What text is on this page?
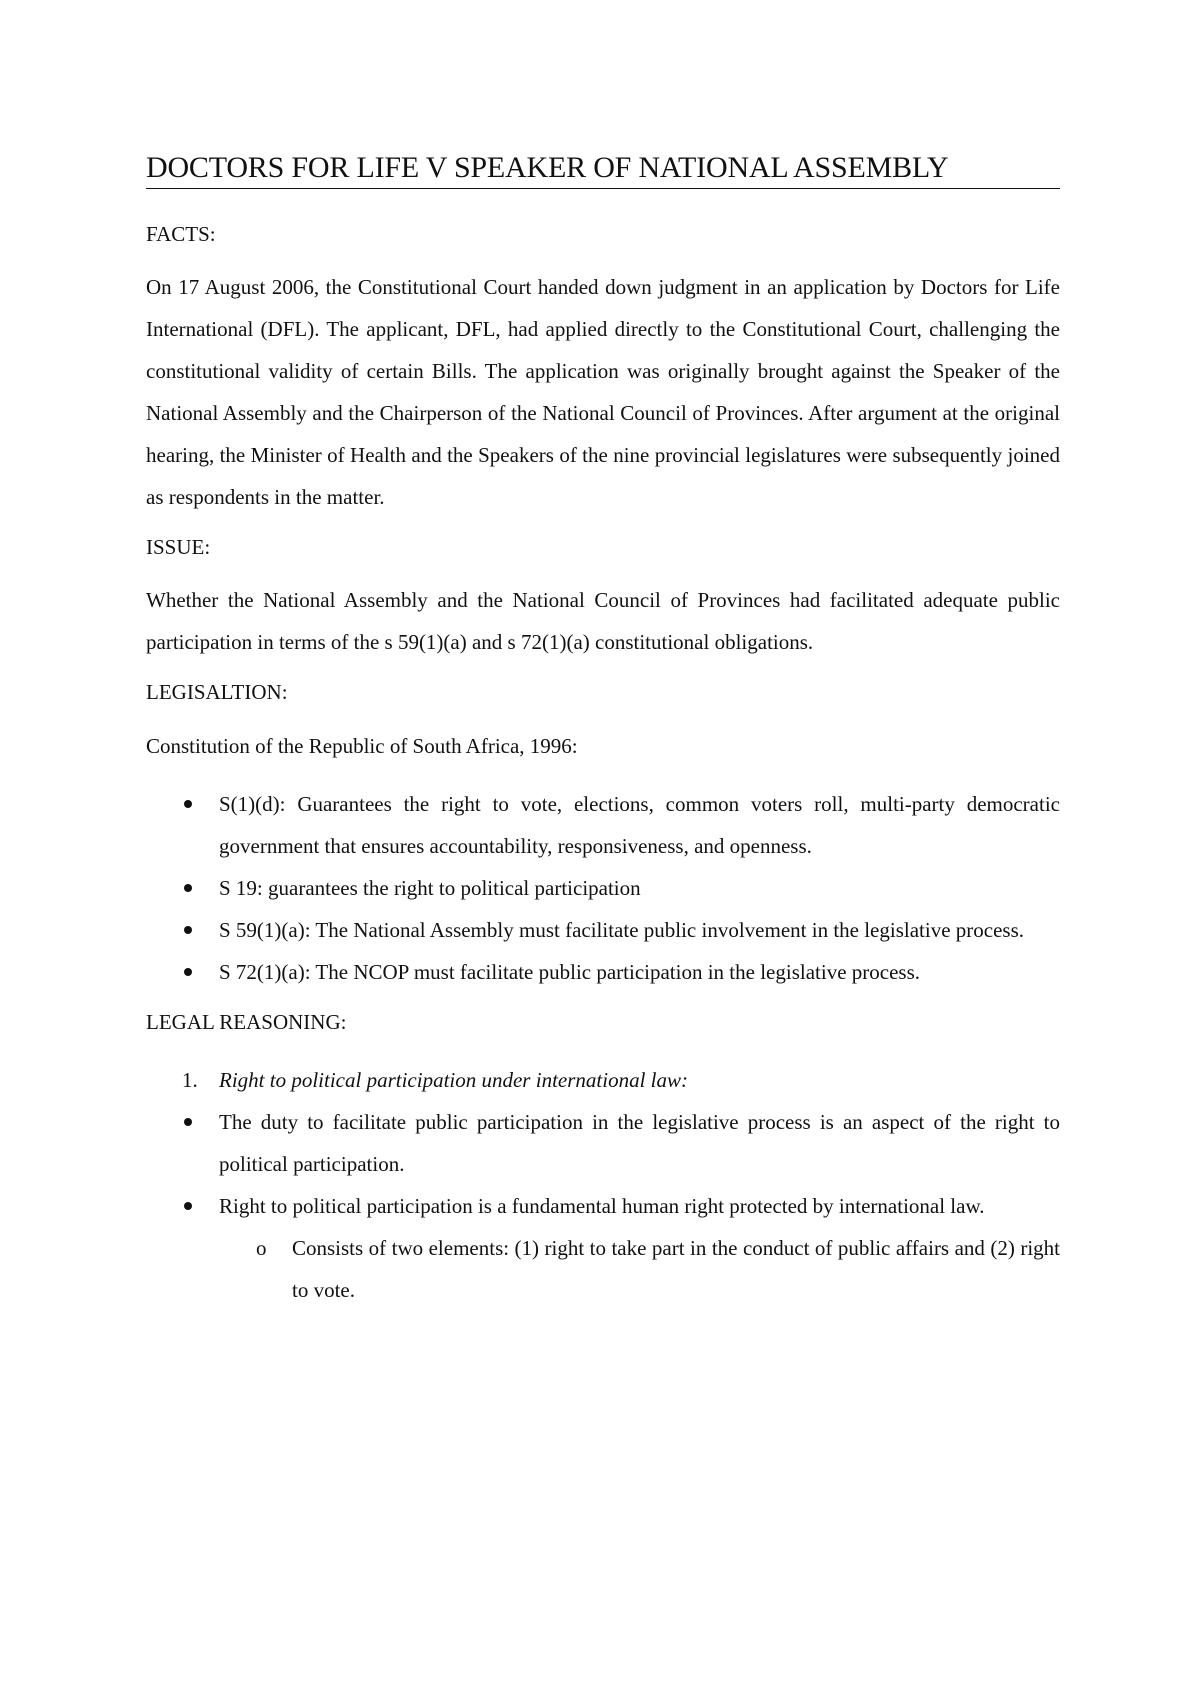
DOCTORS FOR LIFE V SPEAKER OF NATIONAL ASSEMBLY

FACTS:

On 17 August 2006, the Constitutional Court handed down judgment in an application by Doctors for Life International (DFL). The applicant, DFL, had applied directly to the Constitutional Court, challenging the constitutional validity of certain Bills. The application was originally brought against the Speaker of the National Assembly and the Chairperson of the National Council of Provinces. After argument at the original hearing, the Minister of Health and the Speakers of the nine provincial legislatures were subsequently joined as respondents in the matter.

ISSUE:

Whether the National Assembly and the National Council of Provinces had facilitated adequate public participation in terms of the s 59(1)(a) and s 72(1)(a) constitutional obligations.

LEGISALTION:

Constitution of the Republic of South Africa, 1996:

S(1)(d): Guarantees the right to vote, elections, common voters roll, multi-party democratic government that ensures accountability, responsiveness, and openness.
S 19: guarantees the right to political participation
S 59(1)(a): The National Assembly must facilitate public involvement in the legislative process.
S 72(1)(a): The NCOP must facilitate public participation in the legislative process.

LEGAL REASONING:

1. Right to political participation under international law:
The duty to facilitate public participation in the legislative process is an aspect of the right to political participation.
Right to political participation is a fundamental human right protected by international law.
o Consists of two elements: (1) right to take part in the conduct of public affairs and (2) right to vote.
